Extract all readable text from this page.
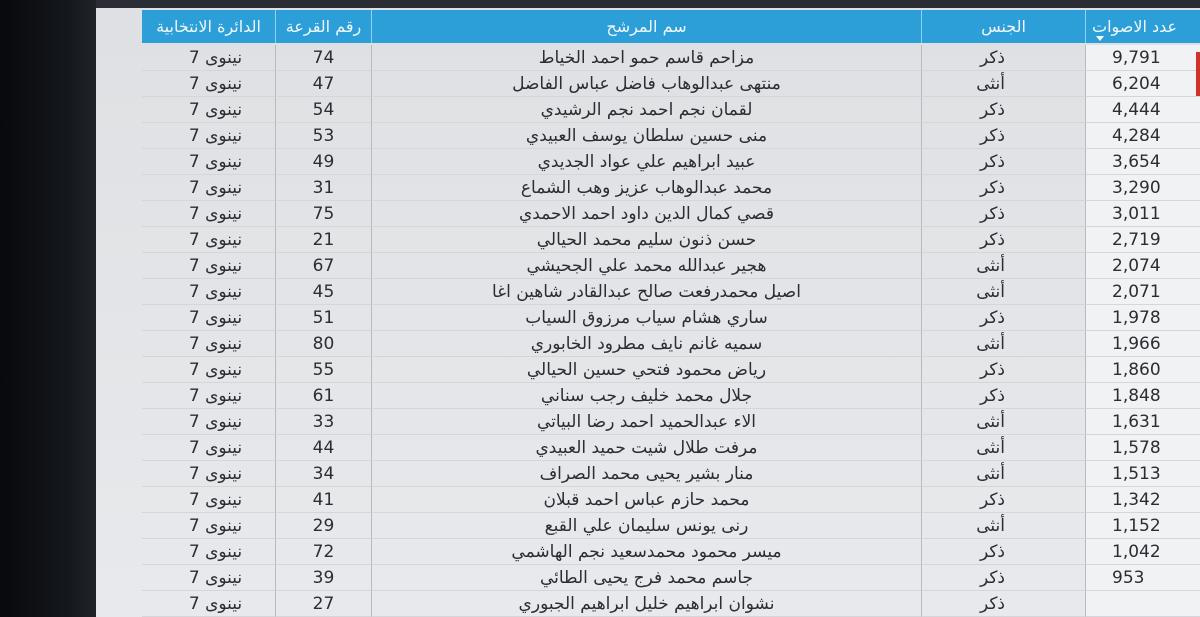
الدائرة الانتخابية	رقم القرعة	سم المرشح	الجنس	عدد الاصوات
نينوى 7	74	مزاحم قاسم حمو احمد الخياط	ذكر	9,791
نينوى 7	47	منتهى عبدالوهاب فاضل عباس الفاضل	أنثى	6,204
نينوى 7	54	لقمان نجم احمد نجم الرشيدي	ذكر	4,444
نينوى 7	53	منى حسين سلطان يوسف العبيدي	ذكر	4,284
نينوى 7	49	عبيد ابراهيم علي عواد الجديدي	ذكر	3,654
نينوى 7	31	محمد عبدالوهاب عزيز وهب الشماع	ذكر	3,290
نينوى 7	75	قصي كمال الدين داود احمد الاحمدي	ذكر	3,011
نينوى 7	21	حسن ذنون سليم محمد الحيالي	ذكر	2,719
نينوى 7	67	هجير عبدالله محمد علي الجحيشي	أنثى	2,074
نينوى 7	45	اصيل محمدرفعت صالح عبدالقادر شاهين اغا	أنثى	2,071
نينوى 7	51	ساري هشام سياب مرزوق السياب	ذكر	1,978
نينوى 7	80	سميه غانم نايف مطرود الخابوري	أنثى	1,966
نينوى 7	55	رياض محمود فتحي حسين الحيالي	ذكر	1,860
نينوى 7	61	جلال محمد خليف رجب سناني	ذكر	1,848
نينوى 7	33	الاء عبدالحميد احمد رضا البياتي	أنثى	1,631
نينوى 7	44	مرفت طلال شيت حميد العبيدي	أنثى	1,578
نينوى 7	34	منار بشير يحيى محمد الصراف	أنثى	1,513
نينوى 7	41	محمد حازم عباس احمد قبلان	ذكر	1,342
نينوى 7	29	رنى يونس سليمان علي القبع	أنثى	1,152
نينوى 7	72	ميسر محمود محمدسعيد نجم الهاشمي	ذكر	1,042
نينوى 7	39	جاسم محمد فرج يحيى الطائي	ذكر	953
نينوى 7	27	نشوان ابراهيم خليل ابراهيم الجبوري	ذكر
